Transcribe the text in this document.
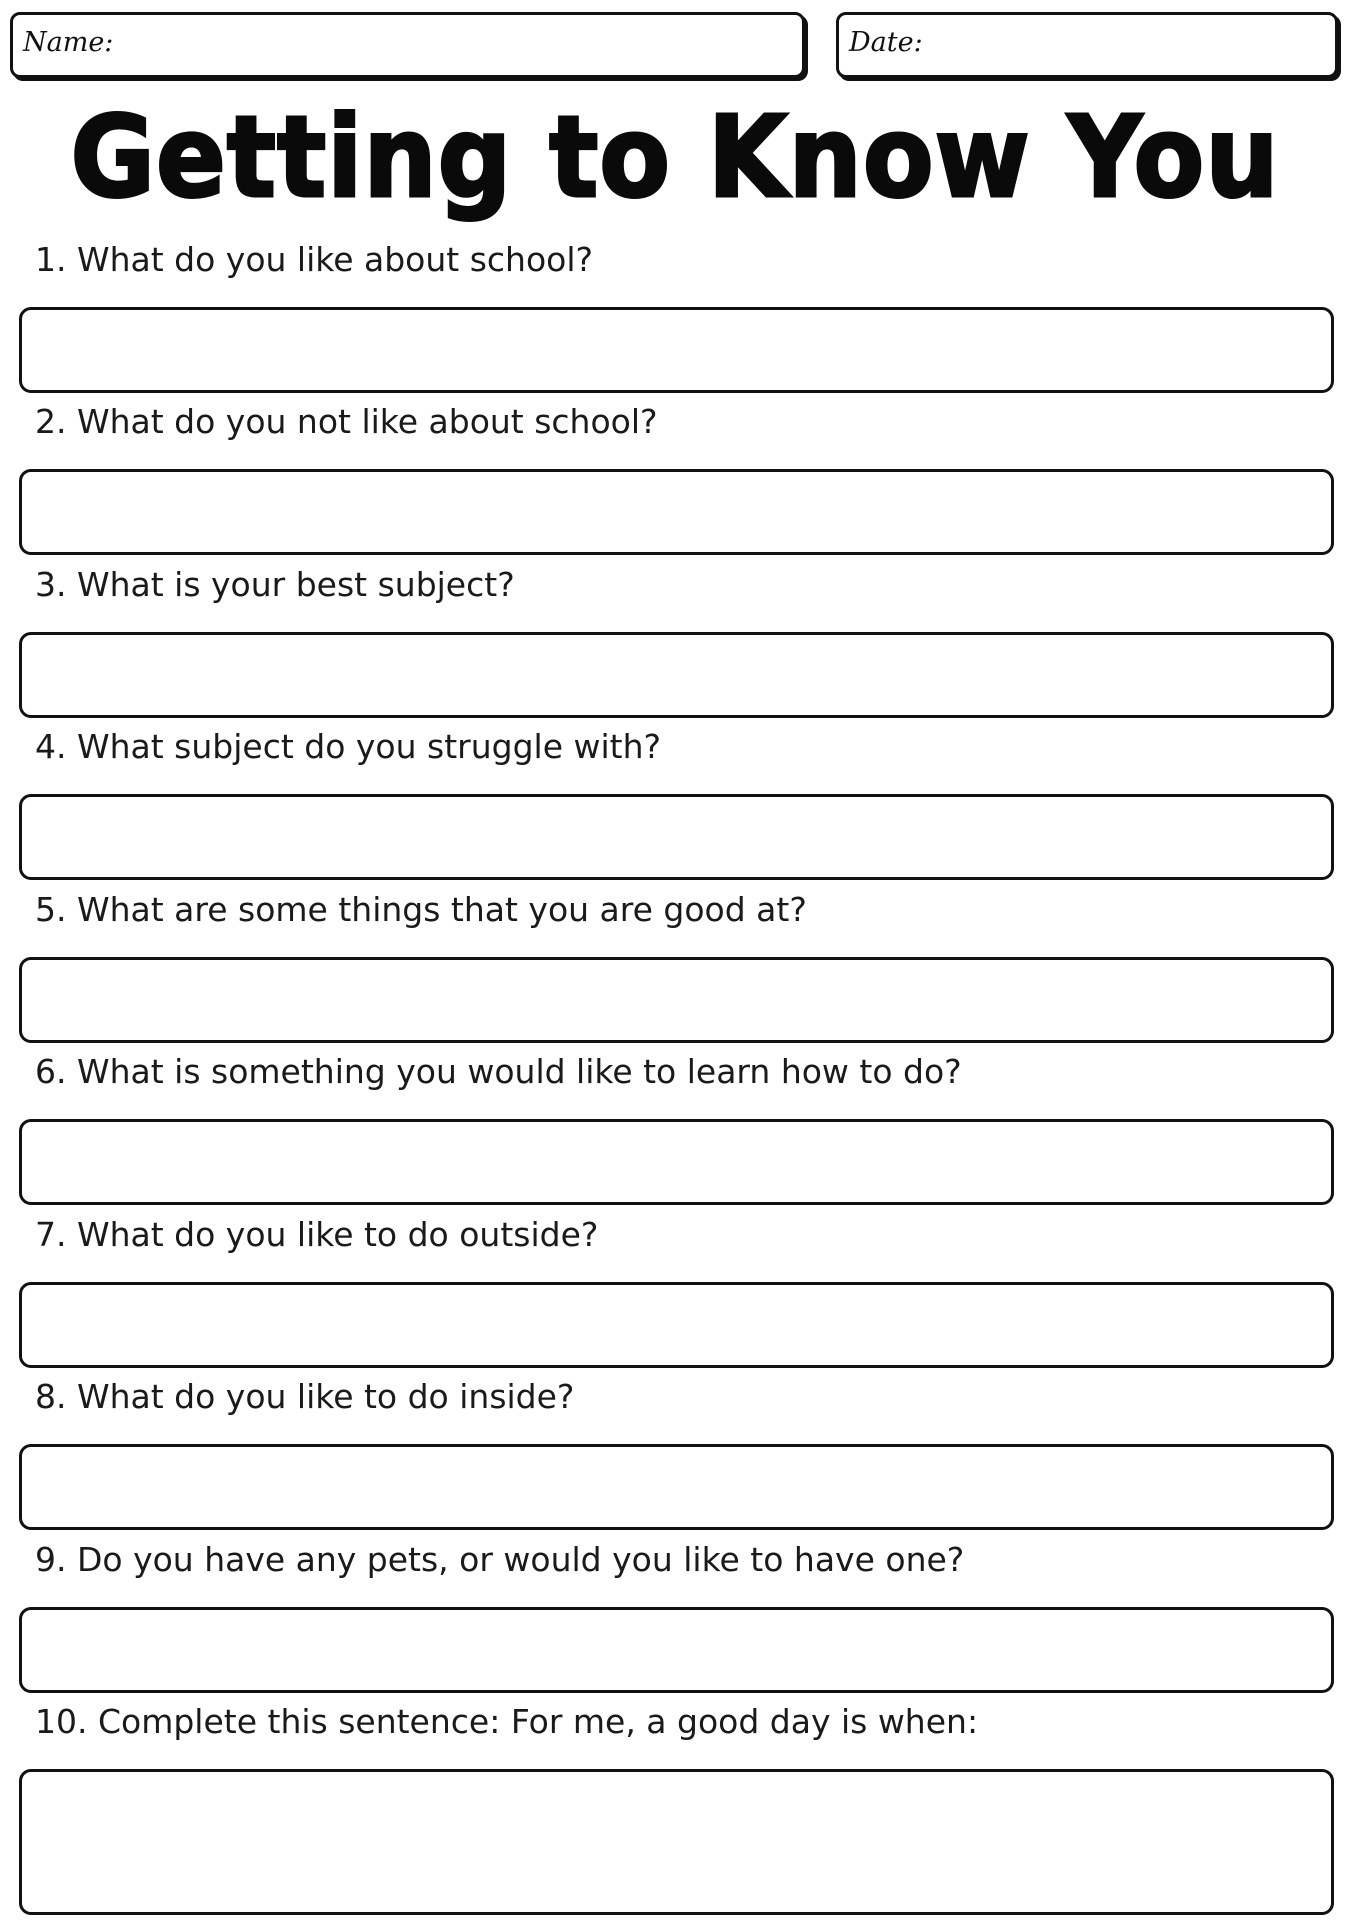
Name:	Date:
Getting to Know You
1. What do you like about school?
2. What do you not like about school?
3. What is your best subject?
4. What subject do you struggle with?
5. What are some things that you are good at?
6. What is something you would like to learn how to do?
7. What do you like to do outside?
8. What do you like to do inside?
9. Do you have any pets, or would you like to have one?
10. Complete this sentence: For me, a good day is when:
